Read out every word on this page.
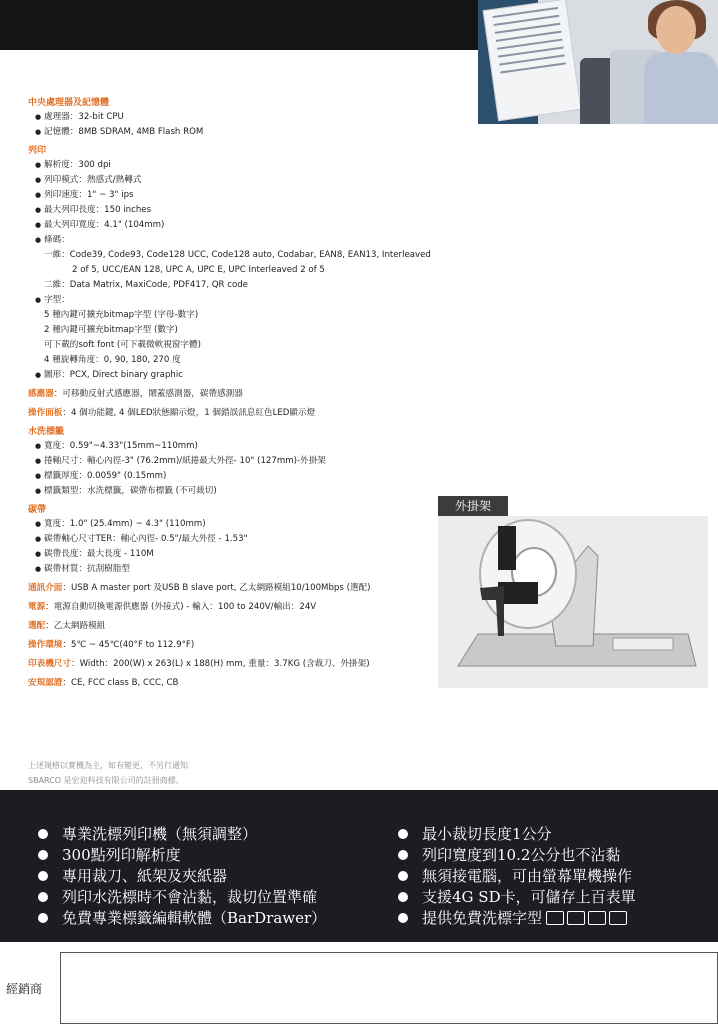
中央處理器及記憶體
● 處理器：32-bit CPU
● 記憶體：8MB SDRAM, 4MB Flash ROM
列印
● 解析度：300 dpi
● 列印模式：熱感式/熱轉式
● 列印速度：1" ~ 3" ips
● 最大列印長度：150 inches
● 最大列印寬度：4.1" (104mm)
● 條碼：
一維：Code39, Code93, Code128 UCC, Code128 auto, Codabar, EAN8, EAN13, Interleaved
2 of 5, UCC/EAN 128, UPC A, UPC E, UPC Interleaved 2 of 5
二維：Data Matrix, MaxiCode, PDF417, QR code
● 字型：
5 種內鍵可擴充bitmap字型 (字母-數字)
2 種內鍵可擴充bitmap字型 (數字)
可下載的soft font (可下載微軟視窗字體)
4 種旋轉角度：0, 90, 180, 270 度
● 圖形：PCX, Direct binary graphic
感應器：可移動反射式感應器，鬧蓋感測器，碳帶感測器
操作面板：4 個功能鍵, 4 個LED狀態顯示燈，1 個錯誤訊息紅色LED顯示燈
水洗標籤
● 寬度：0.59"~4.33"(15mm~110mm)
● 捲軸尺寸：軸心內徑-3" (76.2mm)/紙捲最大外徑- 10" (127mm)-外掛架
● 標籤厚度：0.0059" (0.15mm)
● 標籤類型：水洗標籤，碳帶布標籤 (不可裁切)
碳帶
● 寬度：1.0" (25.4mm) ~ 4.3" (110mm)
● 碳帶軸心尺寸TER：軸心內徑- 0.5"/最大外徑 - 1.53"
● 碳帶長度：最大長度 - 110M
● 碳帶材質：抗刮樹脂型
通訊介面：USB A master port 及USB B slave port, 乙太網路模組10/100Mbps (選配)
電源：電源自動切換電源供應器 (外接式) - 輸入：100 to 240V/輸出：24V
選配：乙太網路模組
操作環境：5℃ ~ 45℃(40°F to 112.9°F)
印表機尺寸：Width：200(W) x 263(L) x 188(H) mm, 重量：3.7KG (含裁刀、外掛架)
安規認證：CE, FCC class B, CCC, CB
上述規格以實機為主，如有變更，不另行通知
SBARCO 是宏迎科技有限公司的註冊商標。
外掛架
專業洗標列印機（無須調整）
300點列印解析度
專用裁刀、紙架及夾紙器
列印水洗標時不會沾黏，裁切位置準確
免費專業標籤編輯軟體（BarDrawer）
最小裁切長度1公分
列印寬度到10.2公分也不沾黏
無須接電腦，可由螢幕單機操作
支援4G SD卡，可儲存上百表單
提供免費洗標字型
經銷商
